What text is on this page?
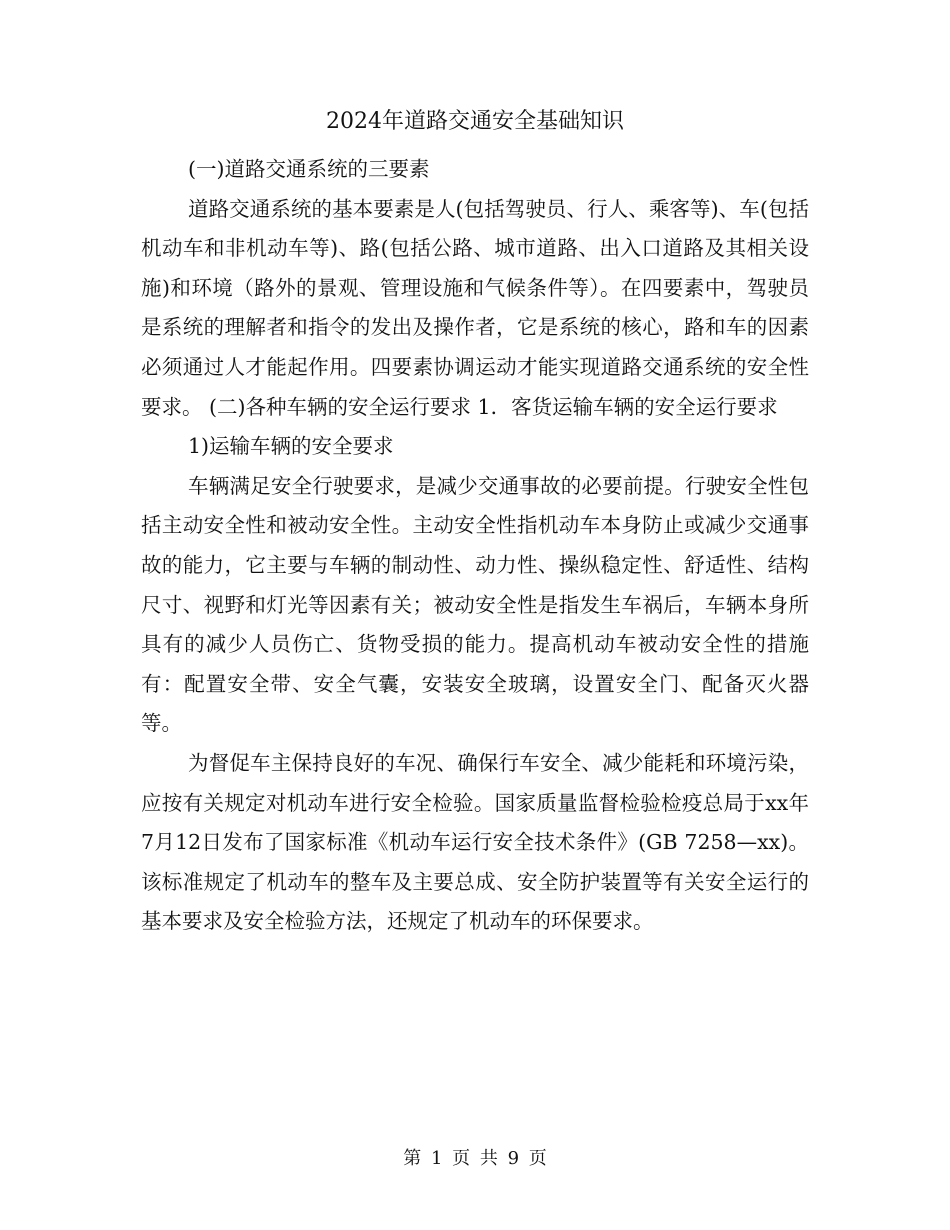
2024年道路交通安全基础知识

(一)道路交通系统的三要素

道路交通系统的基本要素是人(包括驾驶员、行人、乘客等)、车(包括机动车和非机动车等)、路(包括公路、城市道路、出入口道路及其相关设施)和环境（路外的景观、管理设施和气候条件等）。在四要素中，驾驶员是系统的理解者和指令的发出及操作者，它是系统的核心，路和车的因素必须通过人才能起作用。四要素协调运动才能实现道路交通系统的安全性要求。 (二)各种车辆的安全运行要求 1．客货运输车辆的安全运行要求

1)运输车辆的安全要求

车辆满足安全行驶要求，是减少交通事故的必要前提。行驶安全性包括主动安全性和被动安全性。主动安全性指机动车本身防止或减少交通事故的能力，它主要与车辆的制动性、动力性、操纵稳定性、舒适性、结构尺寸、视野和灯光等因素有关；被动安全性是指发生车祸后，车辆本身所具有的减少人员伤亡、货物受损的能力。提高机动车被动安全性的措施有：配置安全带、安全气囊，安装安全玻璃，设置安全门、配备灭火器等。

为督促车主保持良好的车况、确保行车安全、减少能耗和环境污染，应按有关规定对机动车进行安全检验。国家质量监督检验检疫总局于xx年7月12日发布了国家标准《机动车运行安全技术条件》(GB 7258—xx)。该标准规定了机动车的整车及主要总成、安全防护装置等有关安全运行的基本要求及安全检验方法，还规定了机动车的环保要求。

第 1 页 共 9 页
